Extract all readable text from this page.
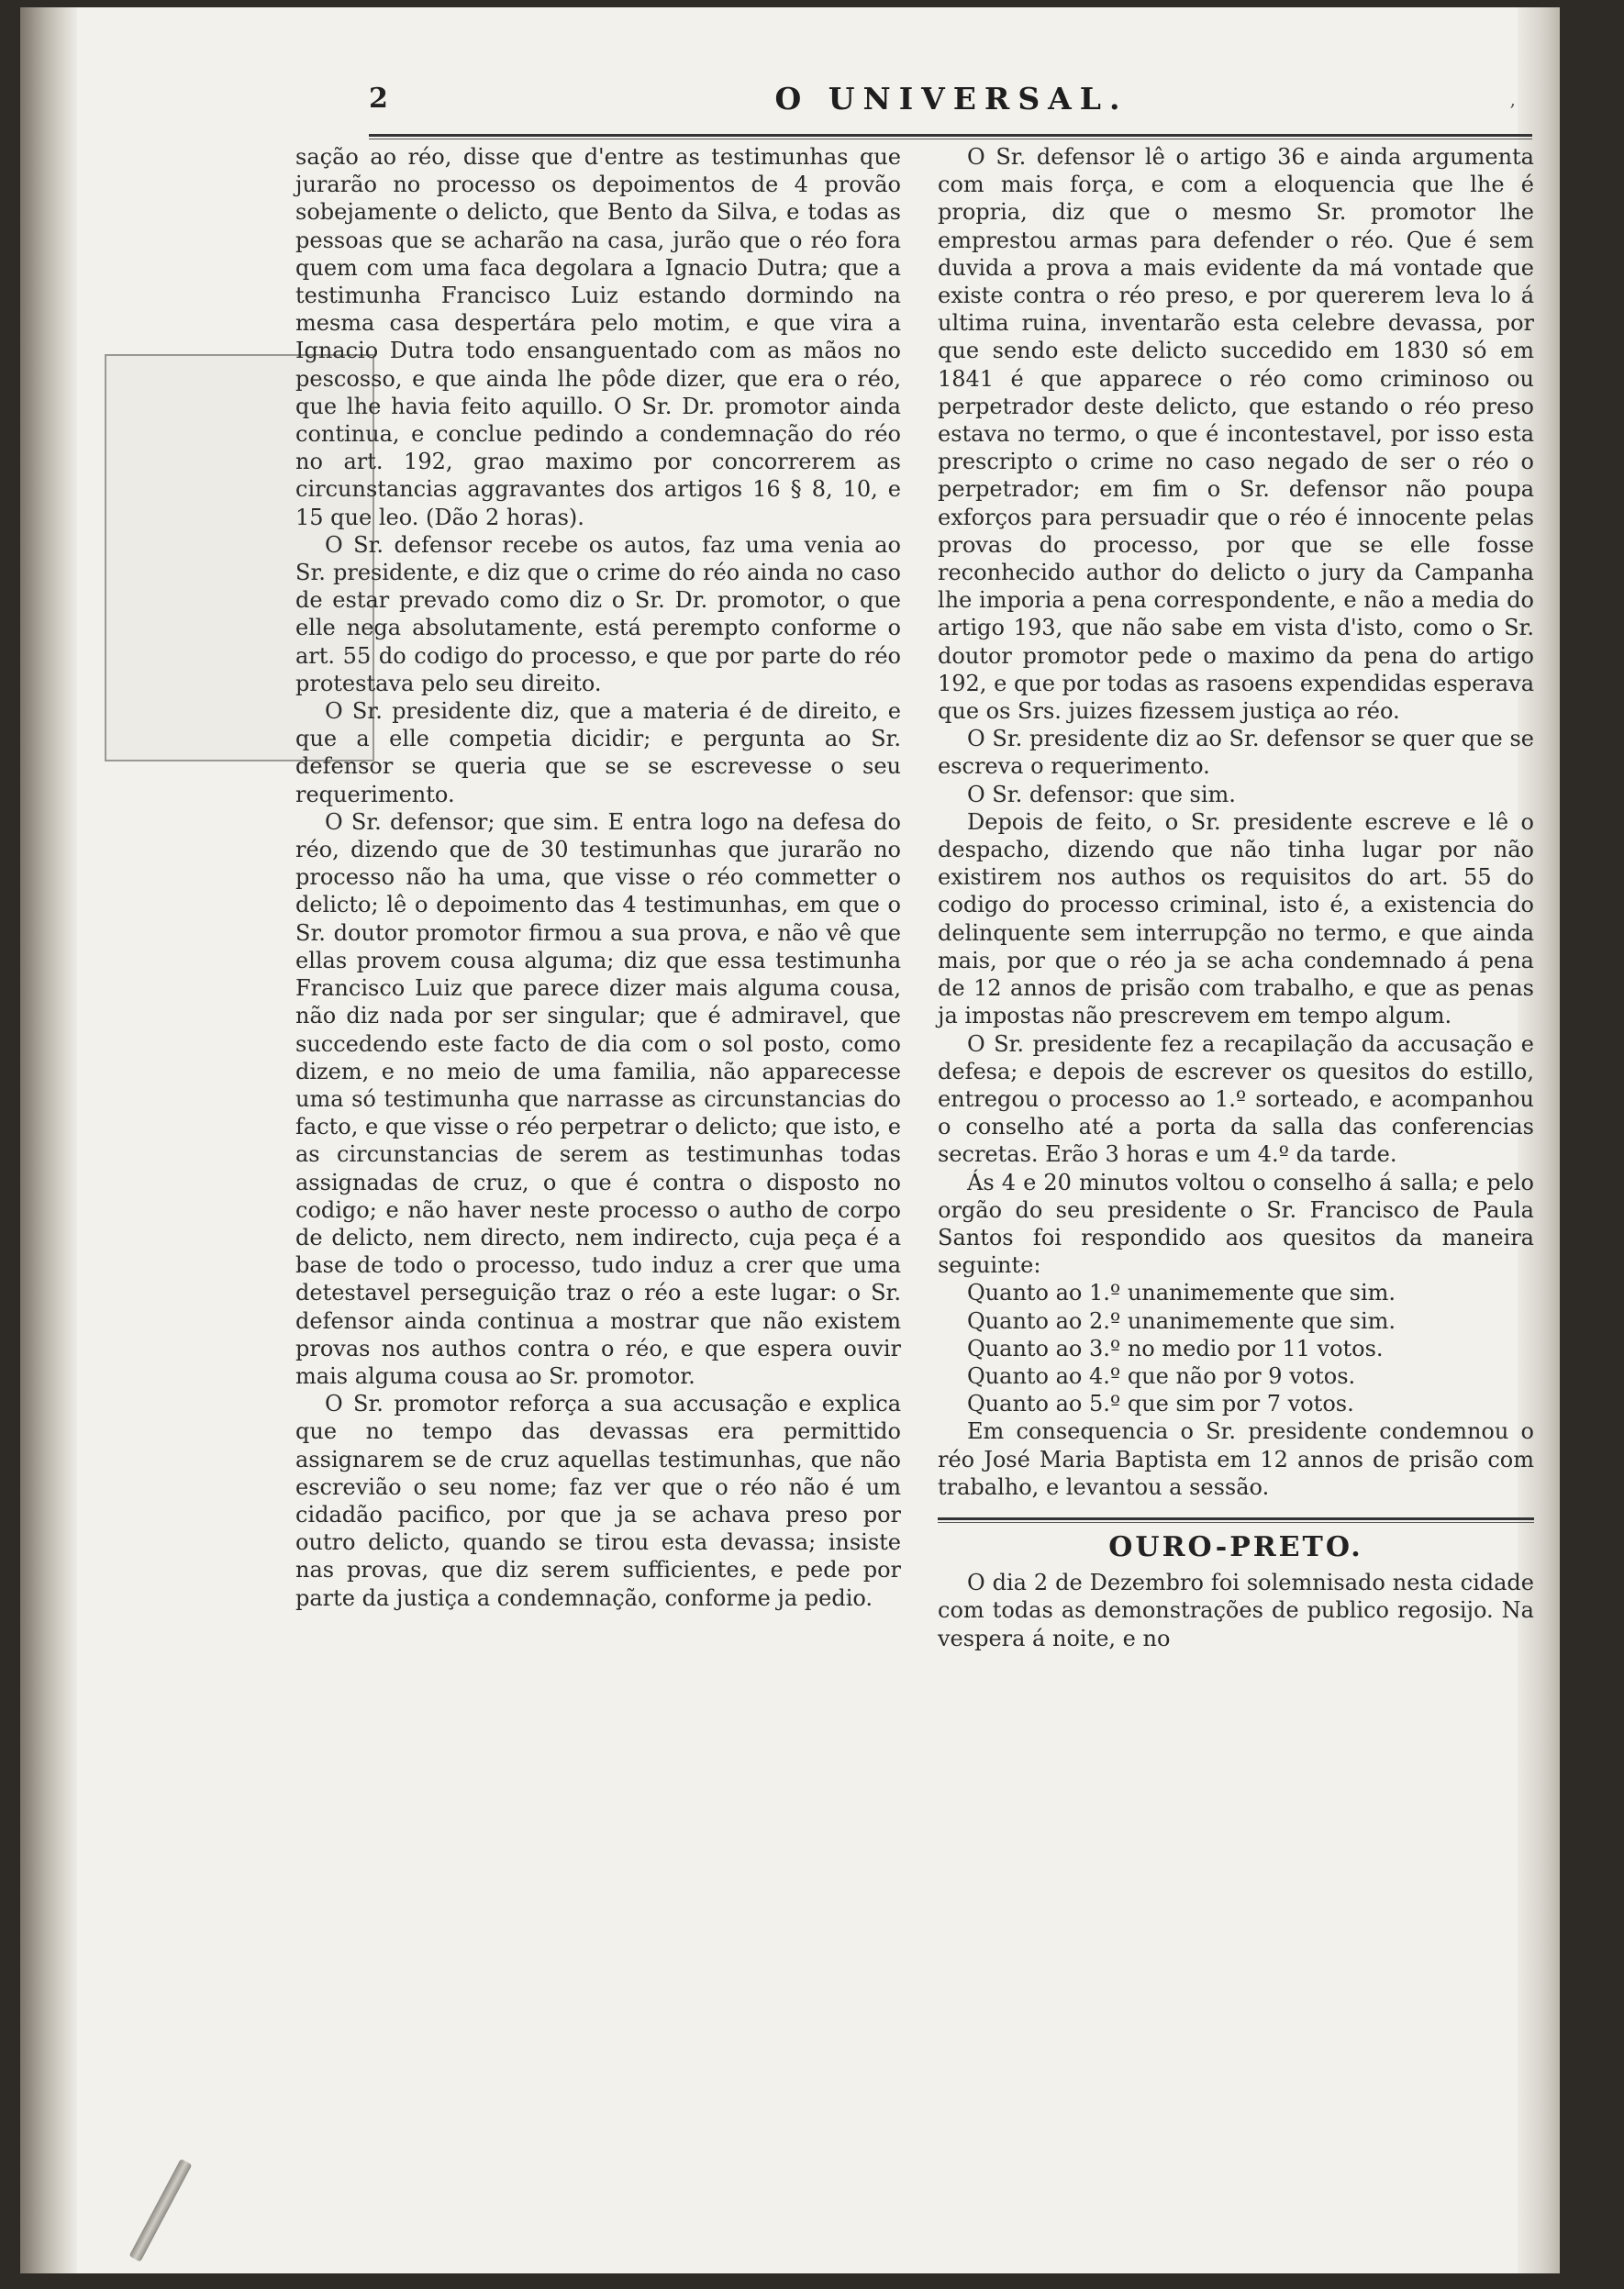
2	O UNIVERSAL.	,

sação ao réo, disse que d'entre as testimunhas que jurarão no processo os depoimentos de 4 provão sobejamente o delicto, que Bento da Silva, e todas as pessoas que se acharão na casa, jurão que o réo fora quem com uma faca degolara a Ignacio Dutra; que a testimunha Francisco Luiz estando dormindo na mesma casa despertára pelo motim, e que vira a Ignacio Dutra todo ensanguentado com as mãos no pescosso, e que ainda lhe pôde dizer, que era o réo, que lhe havia feito aquillo. O Sr. Dr. promotor ainda continua, e conclue pedindo a condemnação do réo no art. 192, grao maximo por concorrerem as circunstancias aggravantes dos artigos 16 § 8, 10, e 15 que leo. (Dão 2 horas).

O Sr. defensor recebe os autos, faz uma venia ao Sr. presidente, e diz que o crime do réo ainda no caso de estar prevado como diz o Sr. Dr. promotor, o que elle nega absolutamente, está perempto conforme o art. 55 do codigo do processo, e que por parte do réo protestava pelo seu direito.

O Sr. presidente diz, que a materia é de direito, e que a elle competia dicidir; e pergunta ao Sr. defensor se queria que se se escrevesse o seu requerimento.

O Sr. defensor; que sim. E entra logo na defesa do réo, dizendo que de 30 testimunhas que jurarão no processo não ha uma, que visse o réo commetter o delicto; lê o depoimento das 4 testimunhas, em que o Sr. doutor promotor firmou a sua prova, e não vê que ellas provem cousa alguma; diz que essa testimunha Francisco Luiz que parece dizer mais alguma cousa, não diz nada por ser singular; que é admiravel, que succedendo este facto de dia com o sol posto, como dizem, e no meio de uma familia, não apparecesse uma só testimunha que narrasse as circunstancias do facto, e que visse o réo perpetrar o delicto; que isto, e as circunstancias de serem as testimunhas todas assignadas de cruz, o que é contra o disposto no codigo; e não haver neste processo o autho de corpo de delicto, nem directo, nem indirecto, cuja peça é a base de todo o processo, tudo induz a crer que uma detestavel perseguição traz o réo a este lugar: o Sr. defensor ainda continua a mostrar que não existem provas nos authos contra o réo, e que espera ouvir mais alguma cousa ao Sr. promotor.

O Sr. promotor reforça a sua accusação e explica que no tempo das devassas era permittido assignarem se de cruz aquellas testimunhas, que não escrevião o seu nome; faz ver que o réo não é um cidadão pacifico, por que ja se achava preso por outro delicto, quando se tirou esta devassa; insiste nas provas, que diz serem sufficientes, e pede por parte da justiça a condemnação, conforme ja pedio.

O Sr. defensor lê o artigo 36 e ainda argumenta com mais força, e com a eloquencia que lhe é propria, diz que o mesmo Sr. promotor lhe emprestou armas para defender o réo. Que é sem duvida a prova a mais evidente da má vontade que existe contra o réo preso, e por quererem leva lo á ultima ruina, inventarão esta celebre devassa, por que sendo este delicto succedido em 1830 só em 1841 é que apparece o réo como criminoso ou perpetrador deste delicto, que estando o réo preso estava no termo, o que é incontestavel, por isso esta prescripto o crime no caso negado de ser o réo o perpetrador; em fim o Sr. defensor não poupa exforços para persuadir que o réo é innocente pelas provas do processo, por que se elle fosse reconhecido author do delicto o jury da Campanha lhe imporia a pena correspondente, e não a media do artigo 193, que não sabe em vista d'isto, como o Sr. doutor promotor pede o maximo da pena do artigo 192, e que por todas as rasoens expendidas esperava que os Srs. juizes fizessem justiça ao réo.

O Sr. presidente diz ao Sr. defensor se quer que se escreva o requerimento.

O Sr. defensor: que sim.

Depois de feito, o Sr. presidente escreve e lê o despacho, dizendo que não tinha lugar por não existirem nos authos os requisitos do art. 55 do codigo do processo criminal, isto é, a existencia do delinquente sem interrupção no termo, e que ainda mais, por que o réo ja se acha condemnado á pena de 12 annos de prisão com trabalho, e que as penas ja impostas não prescrevem em tempo algum.

O Sr. presidente fez a recapilação da accusação e defesa; e depois de escrever os quesitos do estillo, entregou o processo ao 1.º sorteado, e acompanhou o conselho até a porta da salla das conferencias secretas. Erão 3 horas e um 4.º da tarde.

Ás 4 e 20 minutos voltou o conselho á salla; e pelo orgão do seu presidente o Sr. Francisco de Paula Santos foi respondido aos quesitos da maneira seguinte:

Quanto ao 1.º unanimemente que sim.

Quanto ao 2.º unanimemente que sim.

Quanto ao 3.º no medio por 11 votos.

Quanto ao 4.º que não por 9 votos.

Quanto ao 5.º que sim por 7 votos.

Em consequencia o Sr. presidente condemnou o réo José Maria Baptista em 12 annos de prisão com trabalho, e levantou a sessão.

OURO-PRETO.

O dia 2 de Dezembro foi solemnisado nesta cidade com todas as demonstrações de publico regosijo. Na vespera á noite, e no
